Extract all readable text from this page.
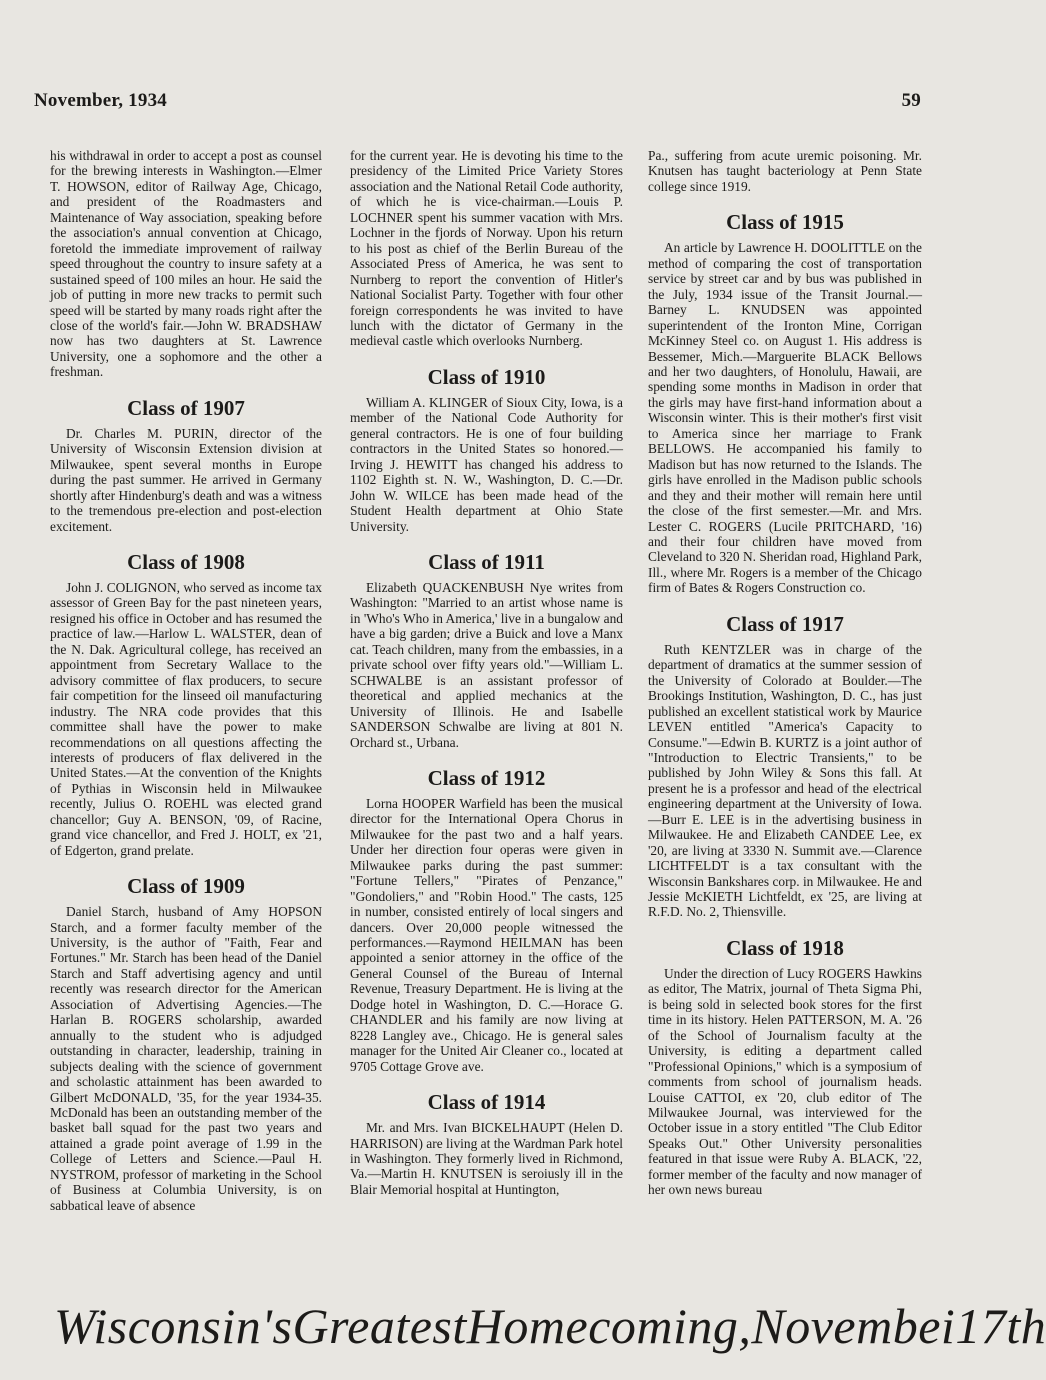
November, 1934	59

his withdrawal in order to accept a post as counsel for the brewing interests in Washington.—Elmer T. HOWSON, editor of Railway Age, Chicago, and president of the Roadmasters and Maintenance of Way association, speaking before the association's annual convention at Chicago, foretold the immediate improvement of railway speed throughout the country to insure safety at a sustained speed of 100 miles an hour. He said the job of putting in more new tracks to permit such speed will be started by many roads right after the close of the world's fair.—John W. BRADSHAW now has two daughters at St. Lawrence University, one a sophomore and the other a freshman.

Class of 1907

Dr. Charles M. PURIN, director of the University of Wisconsin Extension division at Milwaukee, spent several months in Europe during the past summer. He arrived in Germany shortly after Hindenburg's death and was a witness to the tremendous pre-election and post-election excitement.

Class of 1908

John J. COLIGNON, who served as income tax assessor of Green Bay for the past nineteen years, resigned his office in October and has resumed the practice of law.—Harlow L. WALSTER, dean of the N. Dak. Agricultural college, has received an appointment from Secretary Wallace to the advisory committee of flax producers, to secure fair competition for the linseed oil manufacturing industry. The NRA code provides that this committee shall have the power to make recommendations on all questions affecting the interests of producers of flax delivered in the United States.—At the convention of the Knights of Pythias in Wisconsin held in Milwaukee recently, Julius O. ROEHL was elected grand chancellor; Guy A. BENSON, '09, of Racine, grand vice chancellor, and Fred J. HOLT, ex '21, of Edgerton, grand prelate.

Class of 1909

Daniel Starch, husband of Amy HOPSON Starch, and a former faculty member of the University, is the author of "Faith, Fear and Fortunes." Mr. Starch has been head of the Daniel Starch and Staff advertising agency and until recently was research director for the American Association of Advertising Agencies.—The Harlan B. ROGERS scholarship, awarded annually to the student who is adjudged outstanding in character, leadership, training in subjects dealing with the science of government and scholastic attainment has been awarded to Gilbert McDONALD, '35, for the year 1934-35. McDonald has been an outstanding member of the basket ball squad for the past two years and attained a grade point average of 1.99 in the College of Letters and Science.—Paul H. NYSTROM, professor of marketing in the School of Business at Columbia University, is on sabbatical leave of absence

for the current year. He is devoting his time to the presidency of the Limited Price Variety Stores association and the National Retail Code authority, of which he is vice-chairman.—Louis P. LOCHNER spent his summer vacation with Mrs. Lochner in the fjords of Norway. Upon his return to his post as chief of the Berlin Bureau of the Associated Press of America, he was sent to Nurnberg to report the convention of Hitler's National Socialist Party. Together with four other foreign correspondents he was invited to have lunch with the dictator of Germany in the medieval castle which overlooks Nurnberg.

Class of 1910

William A. KLINGER of Sioux City, Iowa, is a member of the National Code Authority for general contractors. He is one of four building contractors in the United States so honored.—Irving J. HEWITT has changed his address to 1102 Eighth st. N. W., Washington, D. C.—Dr. John W. WILCE has been made head of the Student Health department at Ohio State University.

Class of 1911

Elizabeth QUACKENBUSH Nye writes from Washington: "Married to an artist whose name is in 'Who's Who in America,' live in a bungalow and have a big garden; drive a Buick and love a Manx cat. Teach children, many from the embassies, in a private school over fifty years old."—William L. SCHWALBE is an assistant professor of theoretical and applied mechanics at the University of Illinois. He and Isabelle SANDERSON Schwalbe are living at 801 N. Orchard st., Urbana.

Class of 1912

Lorna HOOPER Warfield has been the musical director for the International Opera Chorus in Milwaukee for the past two and a half years. Under her direction four operas were given in Milwaukee parks during the past summer: "Fortune Tellers," "Pirates of Penzance," "Gondoliers," and "Robin Hood." The casts, 125 in number, consisted entirely of local singers and dancers. Over 20,000 people witnessed the performances.—Raymond HEILMAN has been appointed a senior attorney in the office of the General Counsel of the Bureau of Internal Revenue, Treasury Department. He is living at the Dodge hotel in Washington, D. C.—Horace G. CHANDLER and his family are now living at 8228 Langley ave., Chicago. He is general sales manager for the United Air Cleaner co., located at 9705 Cottage Grove ave.

Class of 1914

Mr. and Mrs. Ivan BICKELHAUPT (Helen D. HARRISON) are living at the Wardman Park hotel in Washington. They formerly lived in Richmond, Va.—Martin H. KNUTSEN is seroiusly ill in the Blair Memorial hospital at Huntington,

Pa., suffering from acute uremic poisoning. Mr. Knutsen has taught bacteriology at Penn State college since 1919.

Class of 1915

An article by Lawrence H. DOOLITTLE on the method of comparing the cost of transportation service by street car and by bus was published in the July, 1934 issue of the Transit Journal.—Barney L. KNUDSEN was appointed superintendent of the Ironton Mine, Corrigan McKinney Steel co. on August 1. His address is Bessemer, Mich.—Marguerite BLACK Bellows and her two daughters, of Honolulu, Hawaii, are spending some months in Madison in order that the girls may have first-hand information about a Wisconsin winter. This is their mother's first visit to America since her marriage to Frank BELLOWS. He accompanied his family to Madison but has now returned to the Islands. The girls have enrolled in the Madison public schools and they and their mother will remain here until the close of the first semester.—Mr. and Mrs. Lester C. ROGERS (Lucile PRITCHARD, '16) and their four children have moved from Cleveland to 320 N. Sheridan road, Highland Park, Ill., where Mr. Rogers is a member of the Chicago firm of Bates & Rogers Construction co.

Class of 1917

Ruth KENTZLER was in charge of the department of dramatics at the summer session of the University of Colorado at Boulder.—The Brookings Institution, Washington, D. C., has just published an excellent statistical work by Maurice LEVEN entitled "America's Capacity to Consume."—Edwin B. KURTZ is a joint author of "Introduction to Electric Transients," to be published by John Wiley & Sons this fall. At present he is a professor and head of the electrical engineering department at the University of Iowa.—Burr E. LEE is in the advertising business in Milwaukee. He and Elizabeth CANDEE Lee, ex '20, are living at 3330 N. Summit ave.—Clarence LICHTFELDT is a tax consultant with the Wisconsin Bankshares corp. in Milwaukee. He and Jessie McKIETH Lichtfeldt, ex '25, are living at R.F.D. No. 2, Thiensville.

Class of 1918

Under the direction of Lucy ROGERS Hawkins as editor, The Matrix, journal of Theta Sigma Phi, is being sold in selected book stores for the first time in its history. Helen PATTERSON, M. A. '26 of the School of Journalism faculty at the University, is editing a department called "Professional Opinions," which is a symposium of comments from school of journalism heads. Louise CATTOI, ex '20, club editor of The Milwaukee Journal, was interviewed for the October issue in a story entitled "The Club Editor Speaks Out." Other University personalities featured in that issue were Ruby A. BLACK, '22, former member of the faculty and now manager of her own news bureau

Wisconsin's Greatest Homecoming, Novembei 17th
